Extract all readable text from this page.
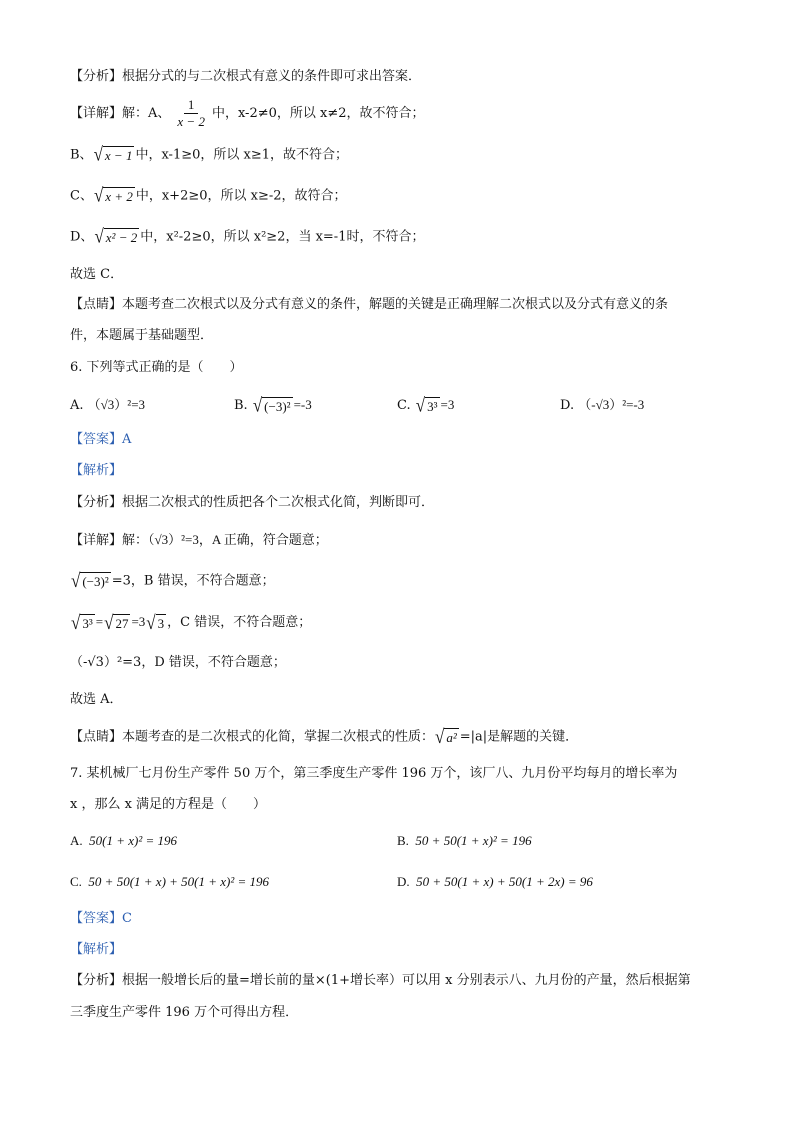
【分析】根据分式的与二次根式有意义的条件即可求出答案．
【详解】解：A、 $\frac{1}{x - 2}$ 中，x-2≠0，所以 x≠2，故不符合；
B、 √ x − 1 中，x-1≥0，所以 x≥1，故不符合；
C、 √ x + 2 中，x+2≥0，所以 x≥-2，故符合；
D、 √ x² − 2 中，x²-2≥0，所以 x²≥2，当 x=-1时，不符合；
故选 C．
【点睛】本题考查二次根式以及分式有意义的条件，解题的关键是正确理解二次根式以及分式有意义的条
件，本题属于基础题型．
6. 下列等式正确的是（　　）
A. （√3）²=3	B. √ (−3)² =-3	C. √ 3³ =3	D. （-√3）²=-3
【答案】A
【解析】
【分析】根据二次根式的性质把各个二次根式化简，判断即可．
【详解】解：（√3）²=3，A 正确，符合题意；
√ (−3)² =3，B 错误，不符合题意；
√ 3³ = √ 27 =3 √ 3 ，C 错误，不符合题意；
（-√3）²=3，D 错误，不符合题意；
故选 A．
【点睛】本题考查的是二次根式的化简，掌握二次根式的性质： √ a² =|a|是解题的关键．
7. 某机械厂七月份生产零件 50 万个，第三季度生产零件 196 万个，该厂八、九月份平均每月的增长率为
x ，那么 x 满足的方程是（　　）
A. 50(1 + x)² = 196	B. 50 + 50(1 + x)² = 196
C. 50 + 50(1 + x) + 50(1 + x)² = 196	D. 50 + 50(1 + x) + 50(1 + 2x) = 96
【答案】C
【解析】
【分析】根据一般增长后的量=增长前的量×(1+增长率）可以用 x 分别表示八、九月份的产量，然后根据第
三季度生产零件 196 万个可得出方程．
